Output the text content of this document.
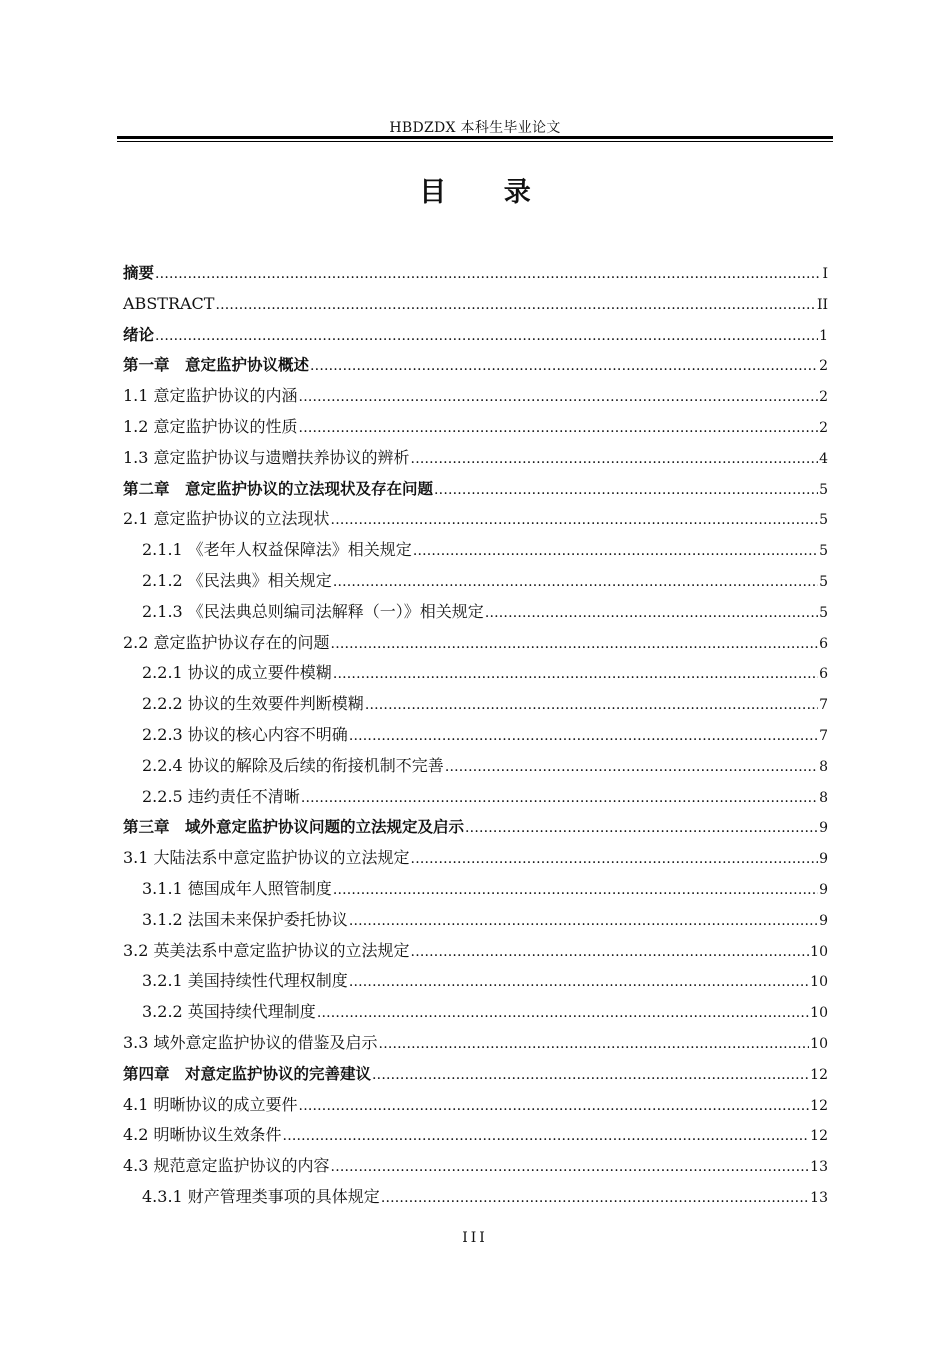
HBDZDX 本科生毕业论文
目 录
摘要 .....	I
ABSTRACT .....	II
绪论 .....	1
第一章　意定监护协议概述 .....	2
1.1 意定监护协议的内涵 .....	2
1.2 意定监护协议的性质 .....	2
1.3 意定监护协议与遗赠扶养协议的辨析 .....	4
第二章　意定监护协议的立法现状及存在问题 .....	5
2.1 意定监护协议的立法现状 .....	5
2.1.1 《老年人权益保障法》相关规定 .....	5
2.1.2 《民法典》相关规定 .....	5
2.1.3 《民法典总则编司法解释（一）》相关规定 .....	5
2.2 意定监护协议存在的问题 .....	6
2.2.1 协议的成立要件模糊 .....	6
2.2.2 协议的生效要件判断模糊 .....	7
2.2.3 协议的核心内容不明确 .....	7
2.2.4 协议的解除及后续的衔接机制不完善 .....	8
2.2.5 违约责任不清晰 .....	8
第三章　域外意定监护协议问题的立法规定及启示 .....	9
3.1 大陆法系中意定监护协议的立法规定 .....	9
3.1.1 德国成年人照管制度 .....	9
3.1.2 法国未来保护委托协议 .....	9
3.2 英美法系中意定监护协议的立法规定 .....	10
3.2.1 美国持续性代理权制度 .....	10
3.2.2 英国持续代理制度 .....	10
3.3 域外意定监护协议的借鉴及启示 .....	10
第四章　对意定监护协议的完善建议 .....	12
4.1 明晰协议的成立要件 .....	12
4.2 明晰协议生效条件 .....	12
4.3 规范意定监护协议的内容 .....	13
4.3.1 财产管理类事项的具体规定 .....	13
III
